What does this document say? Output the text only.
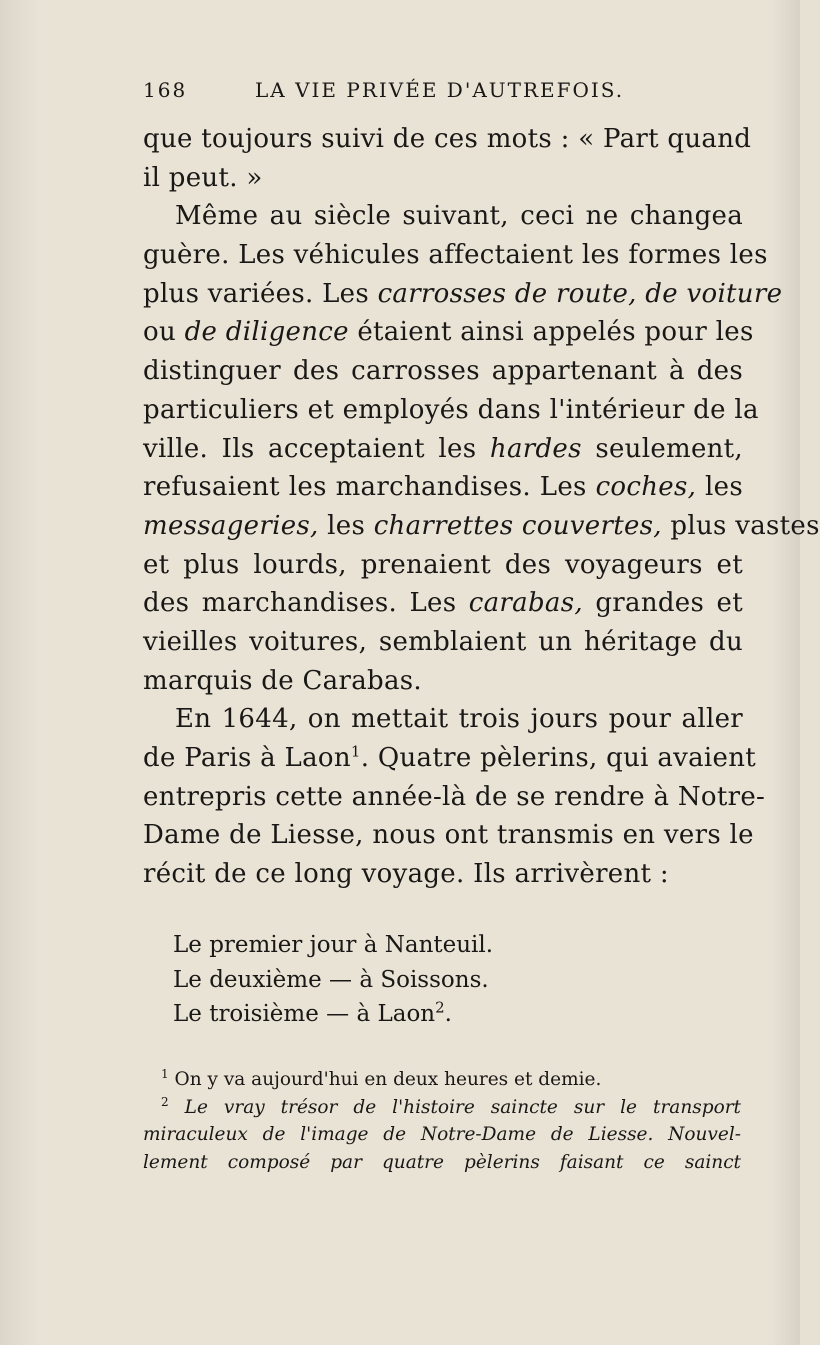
168	LA VIE PRIVÉE D'AUTREFOIS.
que toujours suivi de ces mots : « Part quand
il peut. »
Même au siècle suivant, ceci ne changea
guère. Les véhicules affectaient les formes les
plus variées. Les carrosses de route, de voiture
ou de diligence étaient ainsi appelés pour les
distinguer des carrosses appartenant à des
particuliers et employés dans l'intérieur de la
ville. Ils acceptaient les hardes seulement,
refusaient les marchandises. Les coches, les
messageries, les charrettes couvertes, plus vastes
et plus lourds, prenaient des voyageurs et
des marchandises. Les carabas, grandes et
vieilles voitures, semblaient un héritage du
marquis de Carabas.
En 1644, on mettait trois jours pour aller
de Paris à Laon$^1$. Quatre pèlerins, qui avaient
entrepris cette année-là de se rendre à Notre-
Dame de Liesse, nous ont transmis en vers le
récit de ce long voyage. Ils arrivèrent :
Le premier jour à Nanteuil.
Le deuxième — à Soissons.
Le troisième — à Laon$^2$.
$^1$ On y va aujourd'hui en deux heures et demie.
$^2$ Le vray trésor de l'histoire saincte sur le transport
miraculeux de l'image de Notre-Dame de Liesse. Nouvel-
lement composé par quatre pèlerins faisant ce sainct
